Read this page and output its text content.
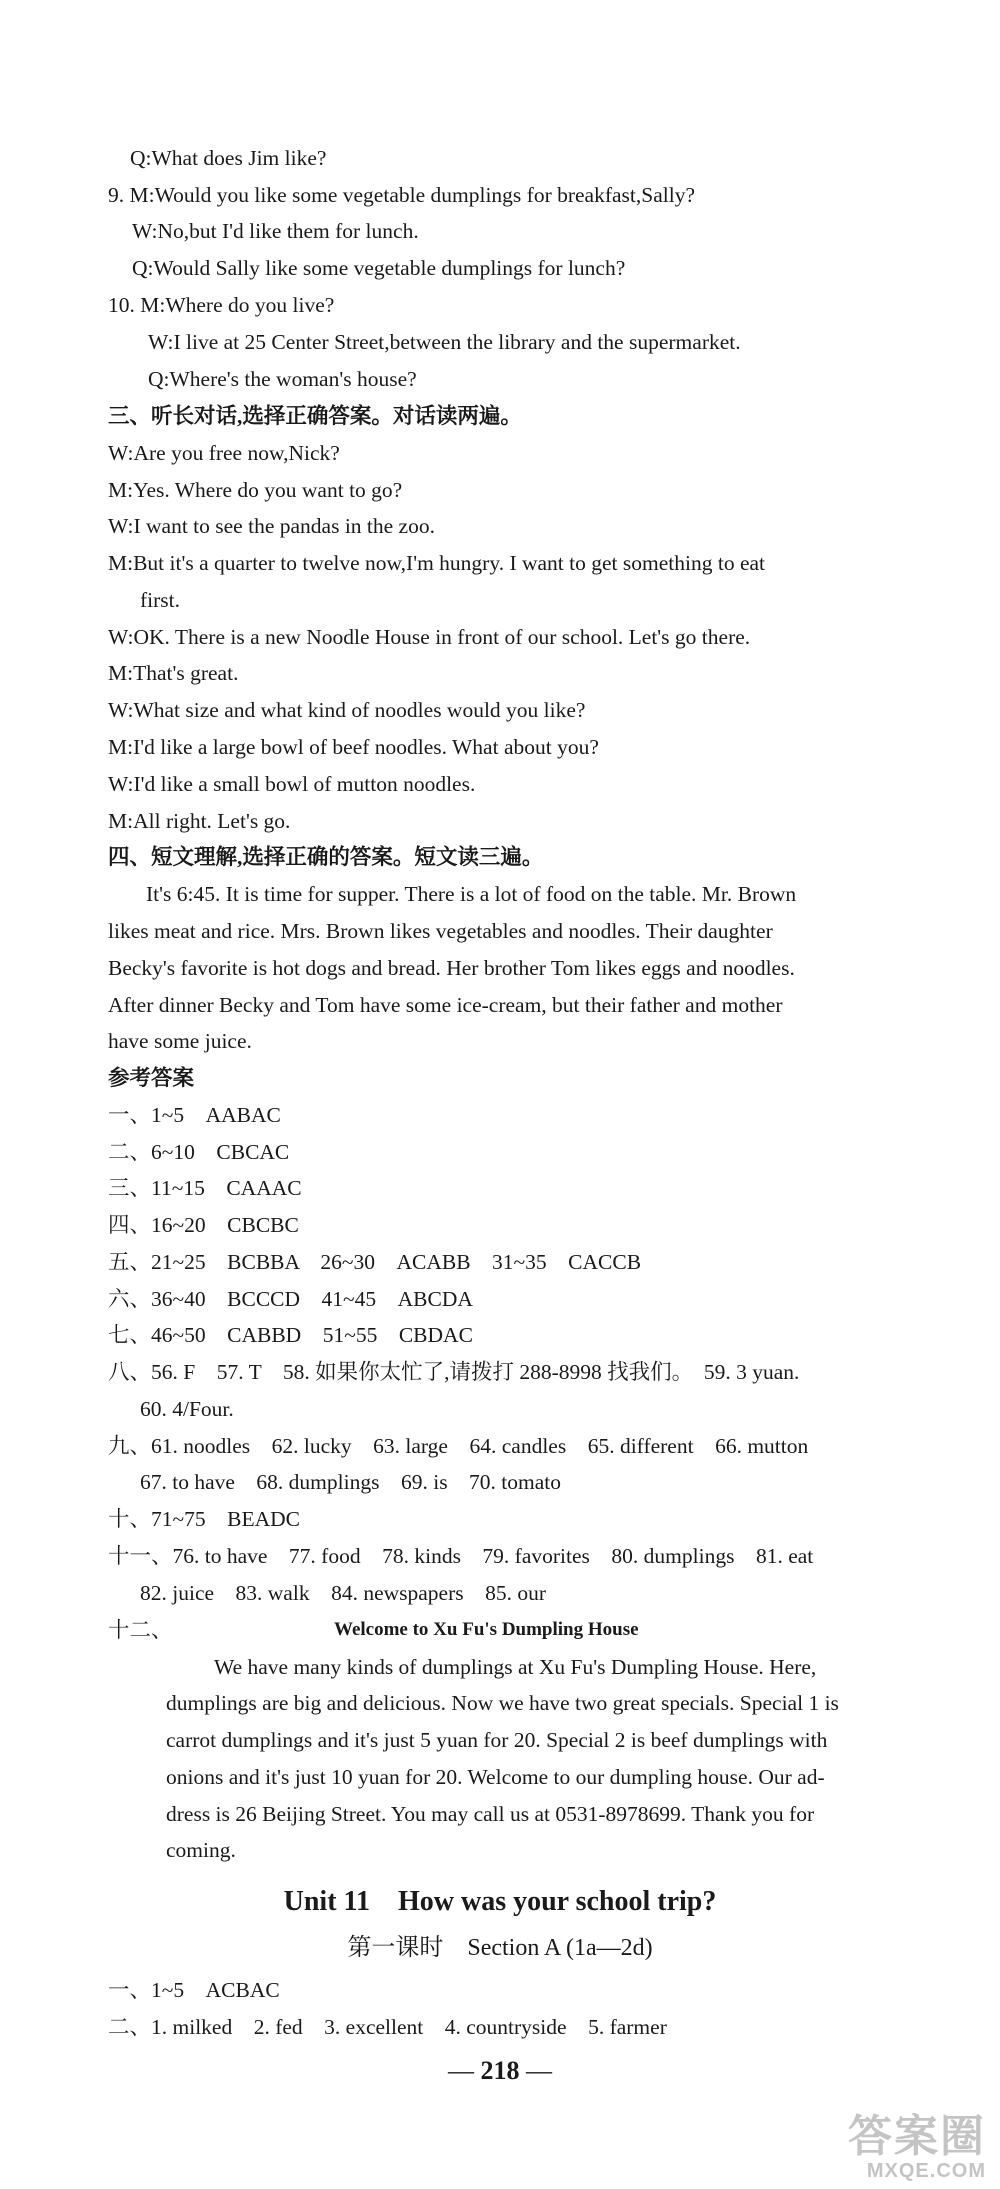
Q:What does Jim like?
9. M:Would you like some vegetable dumplings for breakfast,Sally?
W:No,but I'd like them for lunch.
Q:Would Sally like some vegetable dumplings for lunch?
10. M:Where do you live?
W:I live at 25 Center Street,between the library and the supermarket.
Q:Where's the woman's house?
三、听长对话,选择正确答案。对话读两遍。
W:Are you free now,Nick?
M:Yes. Where do you want to go?
W:I want to see the pandas in the zoo.
M:But it's a quarter to twelve now,I'm hungry. I want to get something to eat
first.
W:OK. There is a new Noodle House in front of our school. Let's go there.
M:That's great.
W:What size and what kind of noodles would you like?
M:I'd like a large bowl of beef noodles. What about you?
W:I'd like a small bowl of mutton noodles.
M:All right. Let's go.
四、短文理解,选择正确的答案。短文读三遍。
It's 6:45. It is time for supper. There is a lot of food on the table. Mr. Brown
likes meat and rice. Mrs. Brown likes vegetables and noodles. Their daughter
Becky's favorite is hot dogs and bread. Her brother Tom likes eggs and noodles.
After dinner Becky and Tom have some ice-cream, but their father and mother
have some juice.
参考答案
一、1~5　AABAC
二、6~10　CBCAC
三、11~15　CAAAC
四、16~20　CBCBC
五、21~25　BCBBA　26~30　ACABB　31~35　CACCB
六、36~40　BCCCD　41~45　ABCDA
七、46~50　CABBD　51~55　CBDAC
八、56. F　57. T　58. 如果你太忙了,请拨打 288-8998 找我们。　59. 3 yuan.
60. 4/Four.
九、61. noodles　62. lucky　63. large　64. candles　65. different　66. mutton
67. to have　68. dumplings　69. is　70. tomato
十、71~75　BEADC
十一、76. to have　77. food　78. kinds　79. favorites　80. dumplings　81. eat
82. juice　83. walk　84. newspapers　85. our
十二、	Welcome to Xu Fu's Dumpling House
We have many kinds of dumplings at Xu Fu's Dumpling House. Here,
dumplings are big and delicious. Now we have two great specials. Special 1 is
carrot dumplings and it's just 5 yuan for 20. Special 2 is beef dumplings with
onions and it's just 10 yuan for 20. Welcome to our dumpling house. Our ad-
dress is 26 Beijing Street. You may call us at 0531-8978699. Thank you for
coming.
Unit 11　How was your school trip?
第一课时　Section A (1a—2d)
一、1~5　ACBAC
二、1. milked　2. fed　3. excellent　4. countryside　5. farmer
— 218 —
答案圈
MXQE.COM
